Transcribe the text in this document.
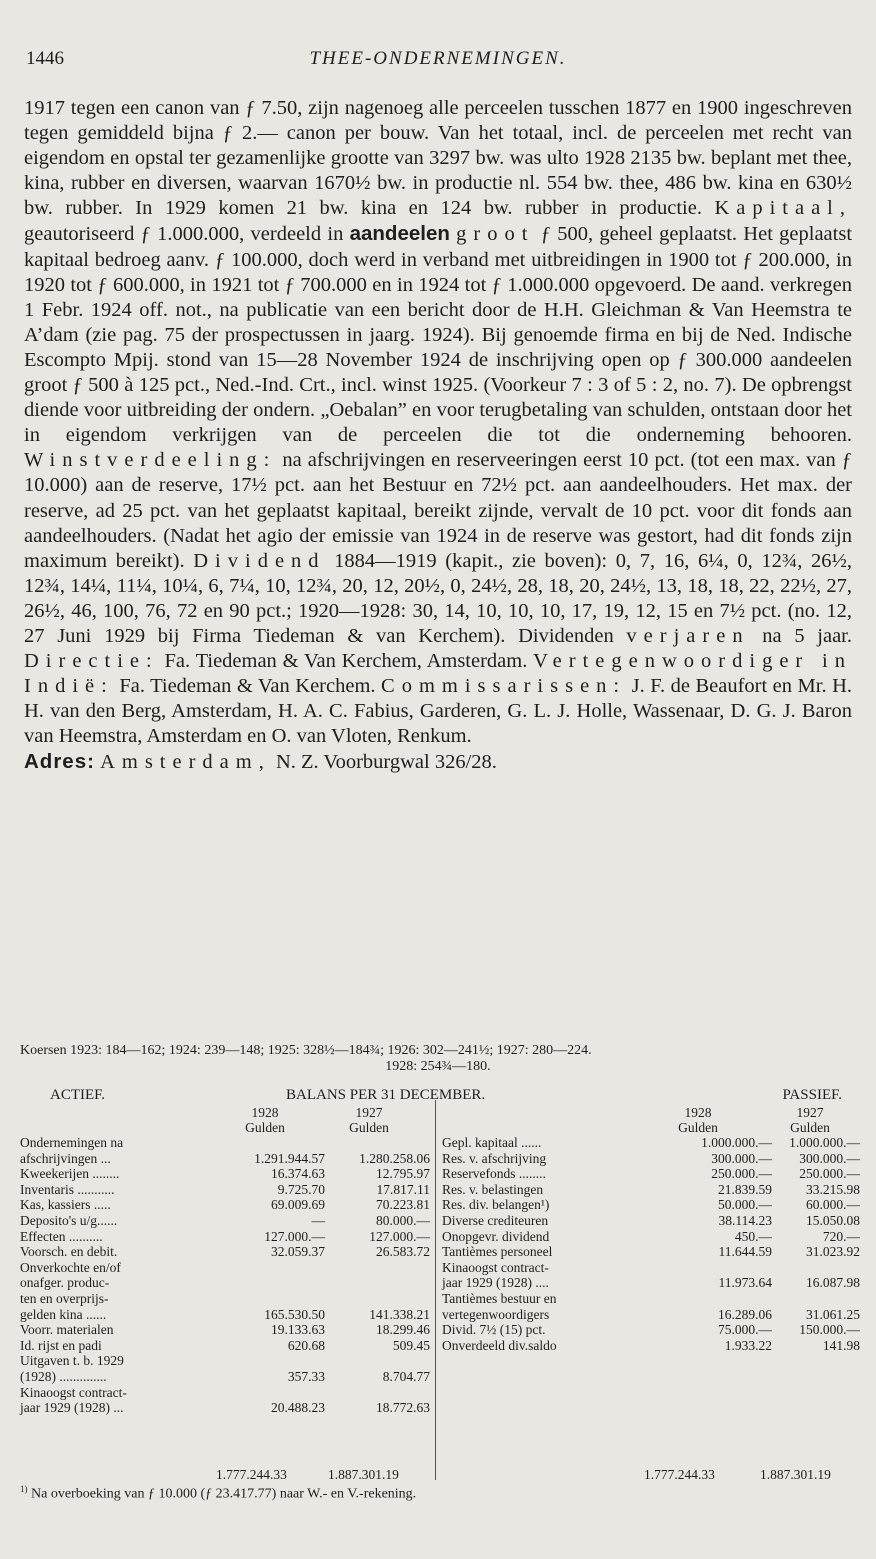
1446	THEE-ONDERNEMINGEN.

1917 tegen een canon van ƒ 7.50, zijn nagenoeg alle perceelen tusschen 1877 en 1900 ingeschreven tegen gemiddeld bijna ƒ 2.— canon per bouw. Van het totaal, incl. de perceelen met recht van eigendom en opstal ter gezamenlijke grootte van 3297 bw. was ulto 1928 2135 bw. beplant met thee, kina, rubber en diversen, waarvan 1670½ bw. in productie nl. 554 bw. thee, 486 bw. kina en 630½ bw. rubber. In 1929 komen 21 bw. kina en 124 bw. rubber in productie. Kapitaal, geautoriseerd ƒ 1.000.000, verdeeld in aandeelen groot ƒ 500, geheel geplaatst. Het geplaatst kapitaal bedroeg aanv. ƒ 100.000, doch werd in verband met uitbreidingen in 1900 tot ƒ 200.000, in 1920 tot ƒ 600.000, in 1921 tot ƒ 700.000 en in 1924 tot ƒ 1.000.000 opgevoerd. De aand. verkregen 1 Febr. 1924 off. not., na publicatie van een bericht door de H.H. Gleichman & Van Heemstra te A’dam (zie pag. 75 der prospectussen in jaarg. 1924). Bij genoemde firma en bij de Ned. Indische Escompto Mpij. stond van 15—28 November 1924 de inschrijving open op ƒ 300.000 aandeelen groot ƒ 500 à 125 pct., Ned.-Ind. Crt., incl. winst 1925. (Voorkeur 7 : 3 of 5 : 2, no. 7). De opbrengst diende voor uitbreiding der ondern. „Oebalan” en voor terugbetaling van schulden, ontstaan door het in eigendom verkrijgen van de perceelen die tot die onderneming behooren. Winstverdeeling: na afschrijvingen en reserveeringen eerst 10 pct. (tot een max. van ƒ 10.000) aan de reserve, 17½ pct. aan het Bestuur en 72½ pct. aan aandeelhouders. Het max. der reserve, ad 25 pct. van het geplaatst kapitaal, bereikt zijnde, vervalt de 10 pct. voor dit fonds aan aandeelhouders. (Nadat het agio der emissie van 1924 in de reserve was gestort, had dit fonds zijn maximum bereikt). Dividend 1884—1919 (kapit., zie boven): 0, 7, 16, 6¼, 0, 12¾, 26½, 12¾, 14¼, 11¼, 10¼, 6, 7¼, 10, 12¾, 20, 12, 20½, 0, 24½, 28, 18, 20, 24½, 13, 18, 18, 22, 22½, 27, 26½, 46, 100, 76, 72 en 90 pct.; 1920—1928: 30, 14, 10, 10, 10, 17, 19, 12, 15 en 7½ pct. (no. 12, 27 Juni 1929 bij Firma Tiedeman & van Kerchem). Dividenden verjaren na 5 jaar. Directie: Fa. Tiedeman & Van Kerchem, Amsterdam. Vertegenwoordiger in Indië: Fa. Tiedeman & Van Kerchem. Commissarissen: J. F. de Beaufort en Mr. H. H. van den Berg, Amsterdam, H. A. C. Fabius, Garderen, G. L. J. Holle, Wassenaar, D. G. J. Baron van Heemstra, Amsterdam en O. van Vloten, Renkum.

Adres: Amsterdam, N. Z. Voorburgwal 326/28.

Koersen 1923: 184—162; 1924: 239—148; 1925: 328½—184¾; 1926: 302—241½; 1927: 280—224.
1928: 254¾—180.
ACTIEF.	BALANS PER 31 DECEMBER.	PASSIEF.
1928
Gulden
1927
Gulden
1928
Gulden
1927
Gulden
Ondernemingen na
afschrijvingen ...	1.291.944.57	1.280.258.06
Kweekerijen ........	16.374.63	12.795.97
Inventaris ...........	9.725.70	17.817.11
Kas, kassiers .....	69.009.69	70.223.81
Deposito's u/g......	—	80.000.—
Effecten ..........	127.000.—	127.000.—
Voorsch. en debit.	32.059.37	26.583.72
Onverkochte en/of
onafger. produc-
ten en overprijs-
gelden kina ......	165.530.50	141.338.21
Voorr. materialen	19.133.63	18.299.46
Id. rijst en padi	620.68	509.45
Uitgaven t. b. 1929
(1928) ..............	357.33	8.704.77
Kinaoogst contract-
jaar 1929 (1928) ...	20.488.23	18.772.63
Gepl. kapitaal ......	1.000.000.— 1.000.000.—
Res. v. afschrijving	300.000.— 300.000.—
Reservefonds ........	250.000.— 250.000.—
Res. v. belastingen	21.839.59	33.215.98
Res. div. belangen¹)	50.000.—	60.000.—
Diverse crediteuren	38.114.23	15.050.08
Onopgevr. dividend	450.—	720.—
Tantièmes personeel	11.644.59	31.023.92
Kinaoogst contract-
jaar 1929 (1928) ....	11.973.64	16.087.98
Tantièmes bestuur en
vertegenwoordigers	16.289.06	31.061.25
Divid. 7½ (15) pct.	75.000.— 150.000.—
Onverdeeld div.saldo	1.933.22	141.98
1.777.244.33	1.887.301.19	1.777.244.33	1.887.301.19
$^{1)}$ Na overboeking van ƒ 10.000 (ƒ 23.417.77) naar W.- en V.-rekening.
